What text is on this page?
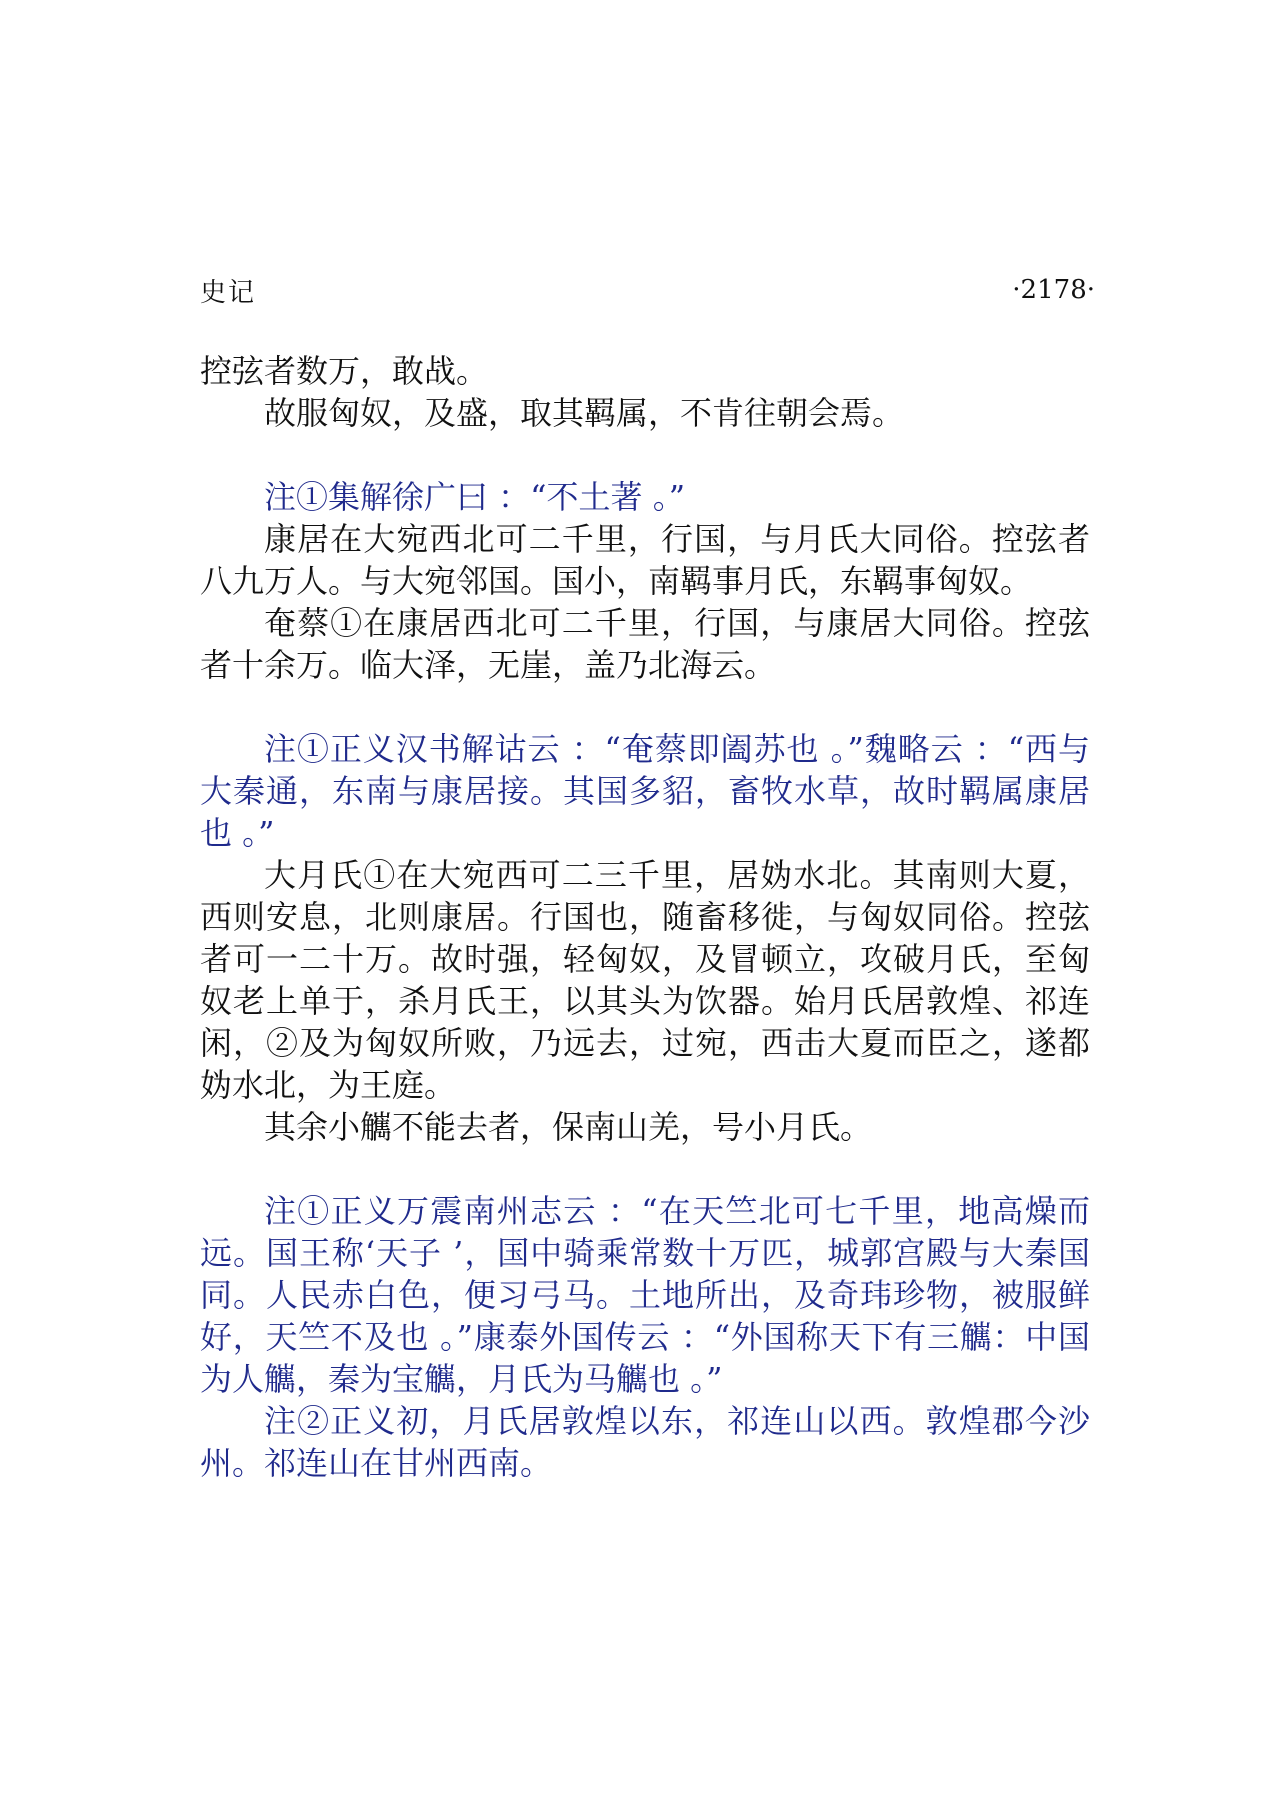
史记	·2178·

控弦者数万，敢战。

故服匈奴，及盛，取其羁属，不肯往朝会焉。

注①集解徐广曰 ：“不土著 。”

康居在大宛西北可二千里，行国，与月氏大同俗。控弦者八九万人。与大宛邻国。国小，南羁事月氏，东羁事匈奴。

奄蔡①在康居西北可二千里，行国，与康居大同俗。控弦者十余万。临大泽，无崖，盖乃北海云。

注①正义汉书解诂云 ：“奄蔡即阖苏也 。”魏略云 ：“西与大秦通，东南与康居接。其国多貂，畜牧水草，故时羁属康居也 。”

大月氏①在大宛西可二三千里，居妫水北。其南则大夏，西则安息，北则康居。行国也，随畜移徙，与匈奴同俗。控弦者可一二十万。故时强，轻匈奴，及冒顿立，攻破月氏，至匈奴老上单于，杀月氏王，以其头为饮器。始月氏居敦煌、祁连闲，②及为匈奴所败，乃远去，过宛，西击大夏而臣之，遂都妫水北，为王庭。

其余小觽不能去者，保南山羌，号小月氏。

注①正义万震南州志云 ：“在天竺北可七千里，地高燥而远。国王称‘天子 ’，国中骑乘常数十万匹，城郭宫殿与大秦国同。人民赤白色，便习弓马。土地所出，及奇玮珍物，被服鲜好，天竺不及也 。”康泰外国传云 ：“外国称天下有三觽：中国为人觽，秦为宝觽，月氏为马觽也 。”

注②正义初，月氏居敦煌以东，祁连山以西。敦煌郡今沙州。祁连山在甘州西南。
